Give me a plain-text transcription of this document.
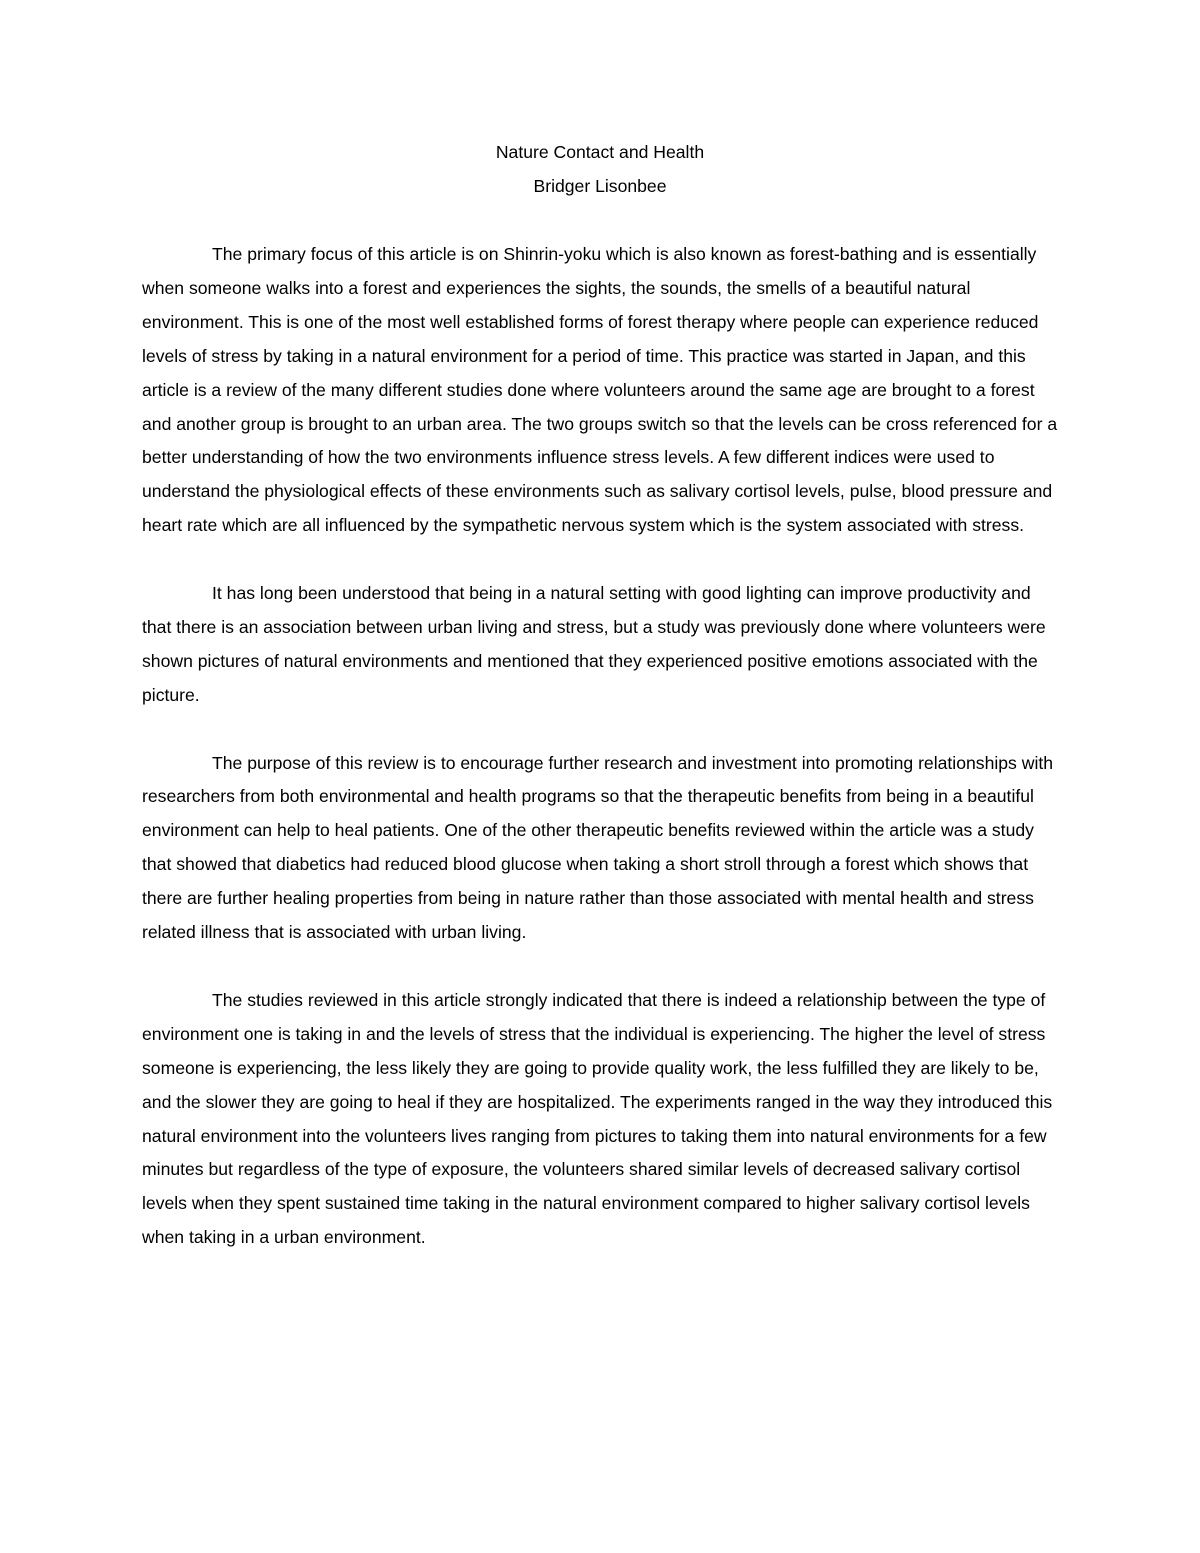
Nature Contact and Health
Bridger Lisonbee

The primary focus of this article is on Shinrin-yoku which is also known as forest-bathing and is essentially when someone walks into a forest and experiences the sights, the sounds, the smells of a beautiful natural environment. This is one of the most well established forms of forest therapy where people can experience reduced levels of stress by taking in a natural environment for a period of time. This practice was started in Japan, and this article is a review of the many different studies done where volunteers around the same age are brought to a forest and another group is brought to an urban area. The two groups switch so that the levels can be cross referenced for a better understanding of how the two environments influence stress levels. A few different indices were used to understand the physiological effects of these environments such as salivary cortisol levels, pulse, blood pressure and heart rate which are all influenced by the sympathetic nervous system which is the system associated with stress.

It has long been understood that being in a natural setting with good lighting can improve productivity and that there is an association between urban living and stress, but a study was previously done where volunteers were shown pictures of natural environments and mentioned that they experienced positive emotions associated with the picture.

The purpose of this review is to encourage further research and investment into promoting relationships with researchers from both environmental and health programs so that the therapeutic benefits from being in a beautiful environment can help to heal patients. One of the other therapeutic benefits reviewed within the article was a study that showed that diabetics had reduced blood glucose when taking a short stroll through a forest which shows that there are further healing properties from being in nature rather than those associated with mental health and stress related illness that is associated with urban living.

The studies reviewed in this article strongly indicated that there is indeed a relationship between the type of environment one is taking in and the levels of stress that the individual is experiencing. The higher the level of stress someone is experiencing, the less likely they are going to provide quality work, the less fulfilled they are likely to be, and the slower they are going to heal if they are hospitalized. The experiments ranged in the way they introduced this natural environment into the volunteers lives ranging from pictures to taking them into natural environments for a few minutes but regardless of the type of exposure, the volunteers shared similar levels of decreased salivary cortisol levels when they spent sustained time taking in the natural environment compared to higher salivary cortisol levels when taking in a urban environment.
